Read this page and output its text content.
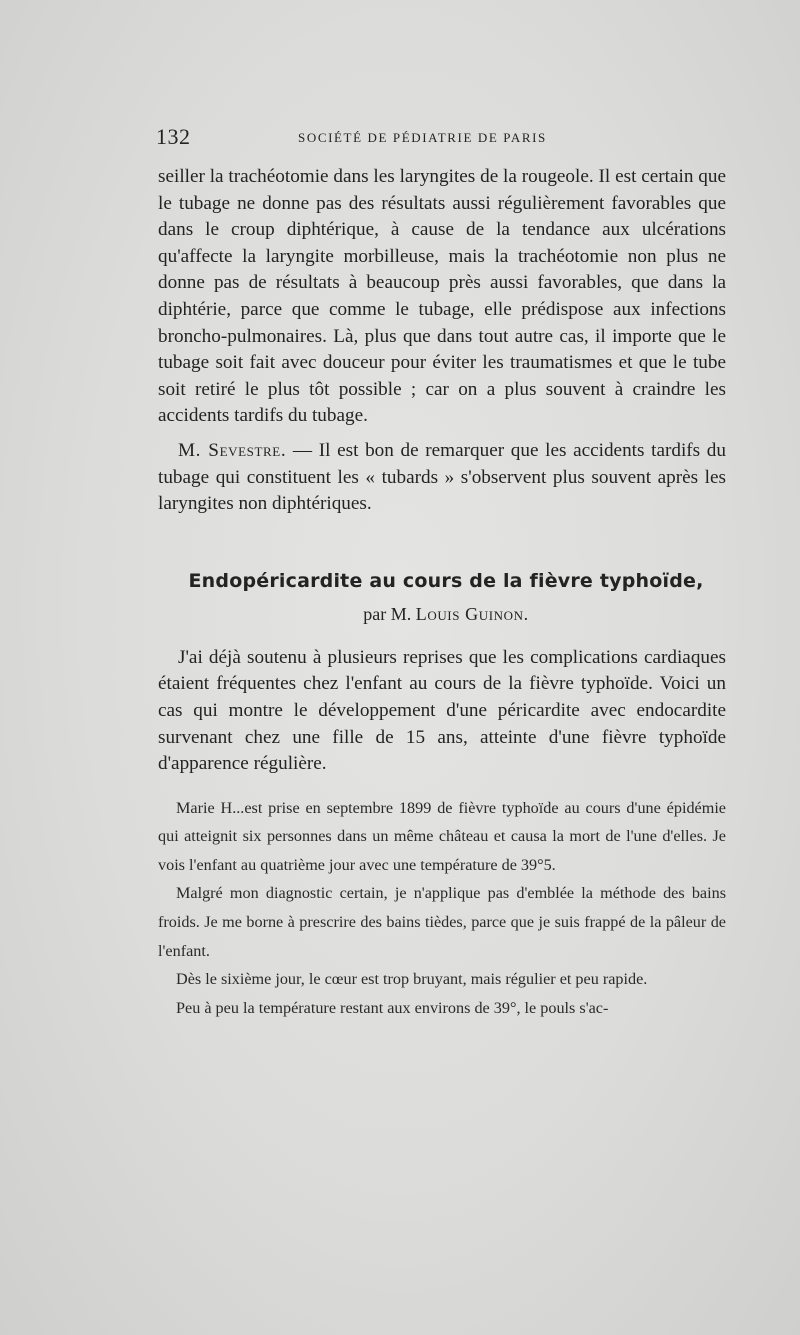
132	SOCIÉTÉ DE PÉDIATRIE DE PARIS

seiller la trachéotomie dans les laryngites de la rougeole. Il est certain que le tubage ne donne pas des résultats aussi régulièrement favorables que dans le croup diphtérique, à cause de la tendance aux ulcérations qu'affecte la laryngite morbilleuse, mais la trachéotomie non plus ne donne pas de résultats à beaucoup près aussi favorables, que dans la diphtérie, parce que comme le tubage, elle prédispose aux infections broncho-pulmonaires. Là, plus que dans tout autre cas, il importe que le tubage soit fait avec douceur pour éviter les traumatismes et que le tube soit retiré le plus tôt possible ; car on a plus souvent à craindre les accidents tardifs du tubage.

M. Sevestre. — Il est bon de remarquer que les accidents tardifs du tubage qui constituent les « tubards » s'observent plus souvent après les laryngites non diphtériques.

Endopéricardite au cours de la fièvre typhoïde,

par M. Louis Guinon.

J'ai déjà soutenu à plusieurs reprises que les complications cardiaques étaient fréquentes chez l'enfant au cours de la fièvre typhoïde. Voici un cas qui montre le développement d'une péricardite avec endocardite survenant chez une fille de 15 ans, atteinte d'une fièvre typhoïde d'apparence régulière.

Marie H...est prise en septembre 1899 de fièvre typhoïde au cours d'une épidémie qui atteignit six personnes dans un même château et causa la mort de l'une d'elles. Je vois l'enfant au quatrième jour avec une température de 39°5.

Malgré mon diagnostic certain, je n'applique pas d'emblée la méthode des bains froids. Je me borne à prescrire des bains tièdes, parce que je suis frappé de la pâleur de l'enfant.

Dès le sixième jour, le cœur est trop bruyant, mais régulier et peu rapide.

Peu à peu la température restant aux environs de 39°, le pouls s'ac-
